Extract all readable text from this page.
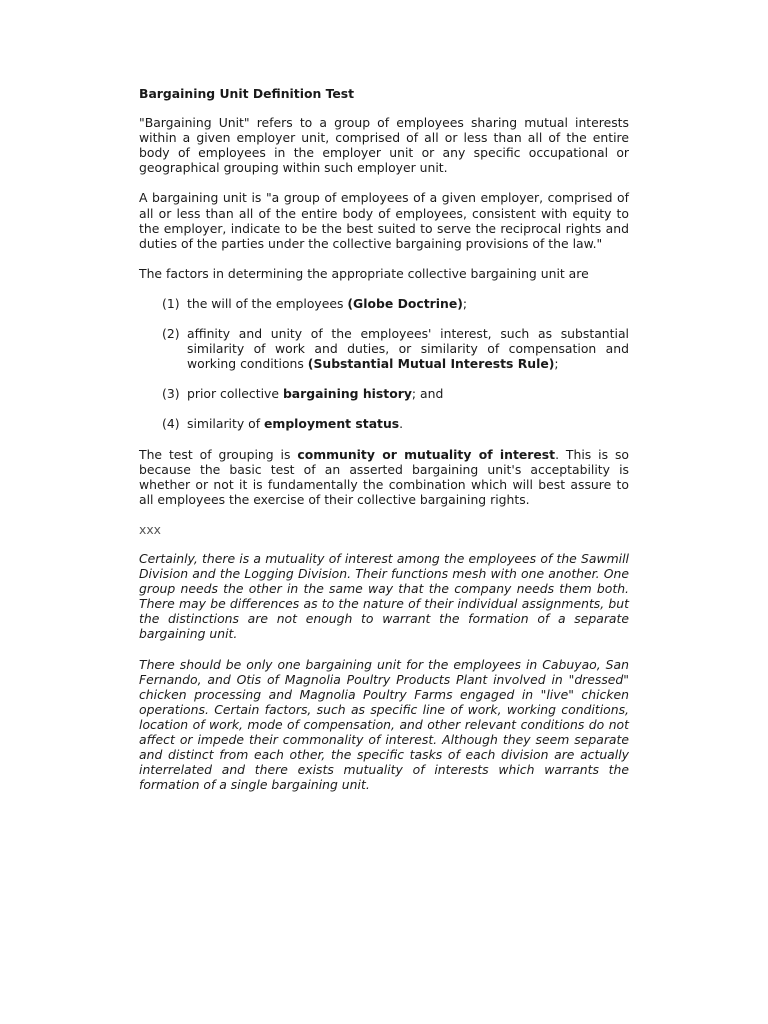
Bargaining Unit Definition Test

"Bargaining Unit" refers to a group of employees sharing mutual interests within a given employer unit, comprised of all or less than all of the entire body of employees in the employer unit or any specific occupational or geographical grouping within such employer unit.

A bargaining unit is "a group of employees of a given employer, comprised of all or less than all of the entire body of employees, consistent with equity to the employer, indicate to be the best suited to serve the reciprocal rights and duties of the parties under the collective bargaining provisions of the law."

The factors in determining the appropriate collective bargaining unit are

(1) the will of the employees (Globe Doctrine);
(2) affinity and unity of the employees' interest, such as substantial similarity of work and duties, or similarity of compensation and working conditions (Substantial Mutual Interests Rule);
(3) prior collective bargaining history; and
(4) similarity of employment status.

The test of grouping is community or mutuality of interest. This is so because the basic test of an asserted bargaining unit's acceptability is whether or not it is fundamentally the combination which will best assure to all employees the exercise of their collective bargaining rights.

xxx

Certainly, there is a mutuality of interest among the employees of the Sawmill Division and the Logging Division. Their functions mesh with one another. One group needs the other in the same way that the company needs them both. There may be differences as to the nature of their individual assignments, but the distinctions are not enough to warrant the formation of a separate bargaining unit.

There should be only one bargaining unit for the employees in Cabuyao, San Fernando, and Otis of Magnolia Poultry Products Plant involved in "dressed" chicken processing and Magnolia Poultry Farms engaged in "live" chicken operations. Certain factors, such as specific line of work, working conditions, location of work, mode of compensation, and other relevant conditions do not affect or impede their commonality of interest. Although they seem separate and distinct from each other, the specific tasks of each division are actually interrelated and there exists mutuality of interests which warrants the formation of a single bargaining unit.
